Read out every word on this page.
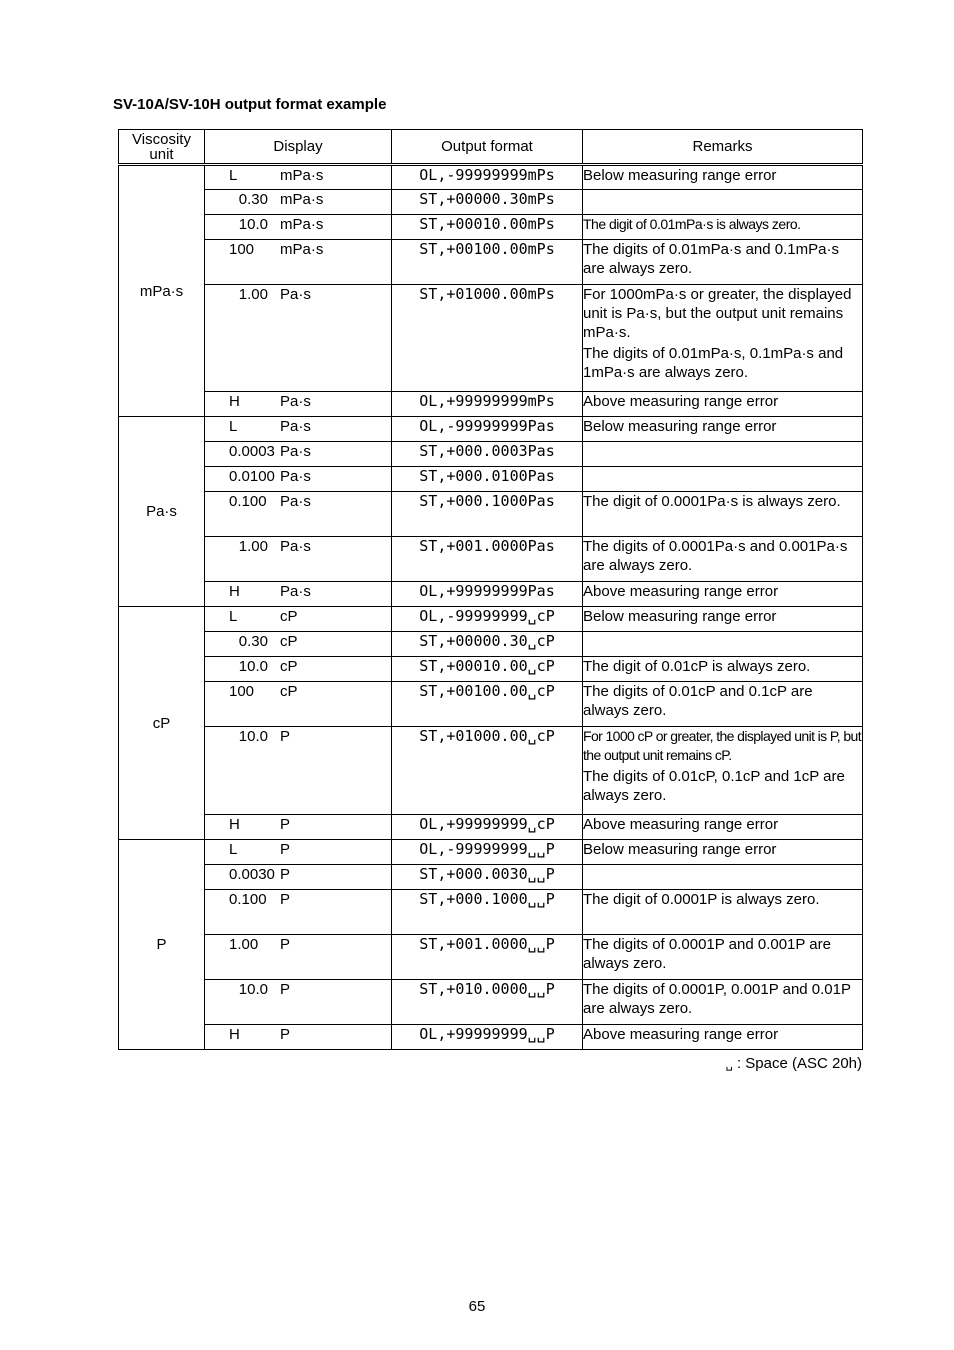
SV-10A/SV-10H output format example
Viscosity unit	Display	Output format	Remarks
mPa·s	L mPa·s	OL,-99999999mPs	Below measuring range error

	0.30 mPa·s	ST,+00000.30mPs	
	10.0 mPa·s	ST,+00010.00mPs	The digit of 0.01mPa·s is always zero.

	100 mPa·s	ST,+00100.00mPs	The digits of 0.01mPa·s and 0.1mPa·s are always zero.

	1.00 Pa·s	ST,+01000.00mPs	For 1000mPa·s or greater, the displayed unit is Pa·s, but the output unit remains mPa·s.
The digits of 0.01mPa·s, 0.1mPa·s and 1mPa·s are always zero.

	H Pa·s	OL,+99999999mPs	Above measuring range error

Pa·s	L Pa·s	OL,-99999999Pas	Below measuring range error

	0.0003 Pa·s	ST,+000.0003Pas	
	0.0100 Pa·s	ST,+000.0100Pas	
	0.100 Pa·s	ST,+000.1000Pas	The digit of 0.0001Pa·s is always zero.

	1.00 Pa·s	ST,+001.0000Pas	The digits of 0.0001Pa·s and 0.001Pa·s are always zero.

	H Pa·s	OL,+99999999Pas	Above measuring range error

cP	L cP	OL,-99999999␣cP	Below measuring range error

	0.30 cP	ST,+00000.30␣cP	
	10.0 cP	ST,+00010.00␣cP	The digit of 0.01cP is always zero.

	100 cP	ST,+00100.00␣cP	The digits of 0.01cP and 0.1cP are always zero.

	10.0 P	ST,+01000.00␣cP	For 1000 cP or greater, the displayed unit is P, but the output unit remains cP.
The digits of 0.01cP, 0.1cP and 1cP are always zero.

	H P	OL,+99999999␣cP	Above measuring range error

P	L P	OL,-99999999␣␣P	Below measuring range error

	0.0030 P	ST,+000.0030␣␣P	
	0.100 P	ST,+000.1000␣␣P	The digit of 0.0001P is always zero.

	1.00 P	ST,+001.0000␣␣P	The digits of 0.0001P and 0.001P are always zero.

	10.0 P	ST,+010.0000␣␣P	The digits of 0.0001P, 0.001P and 0.01P are always zero.

	H P	OL,+99999999␣␣P	Above measuring range error
␣ : Space (ASC 20h)
65
